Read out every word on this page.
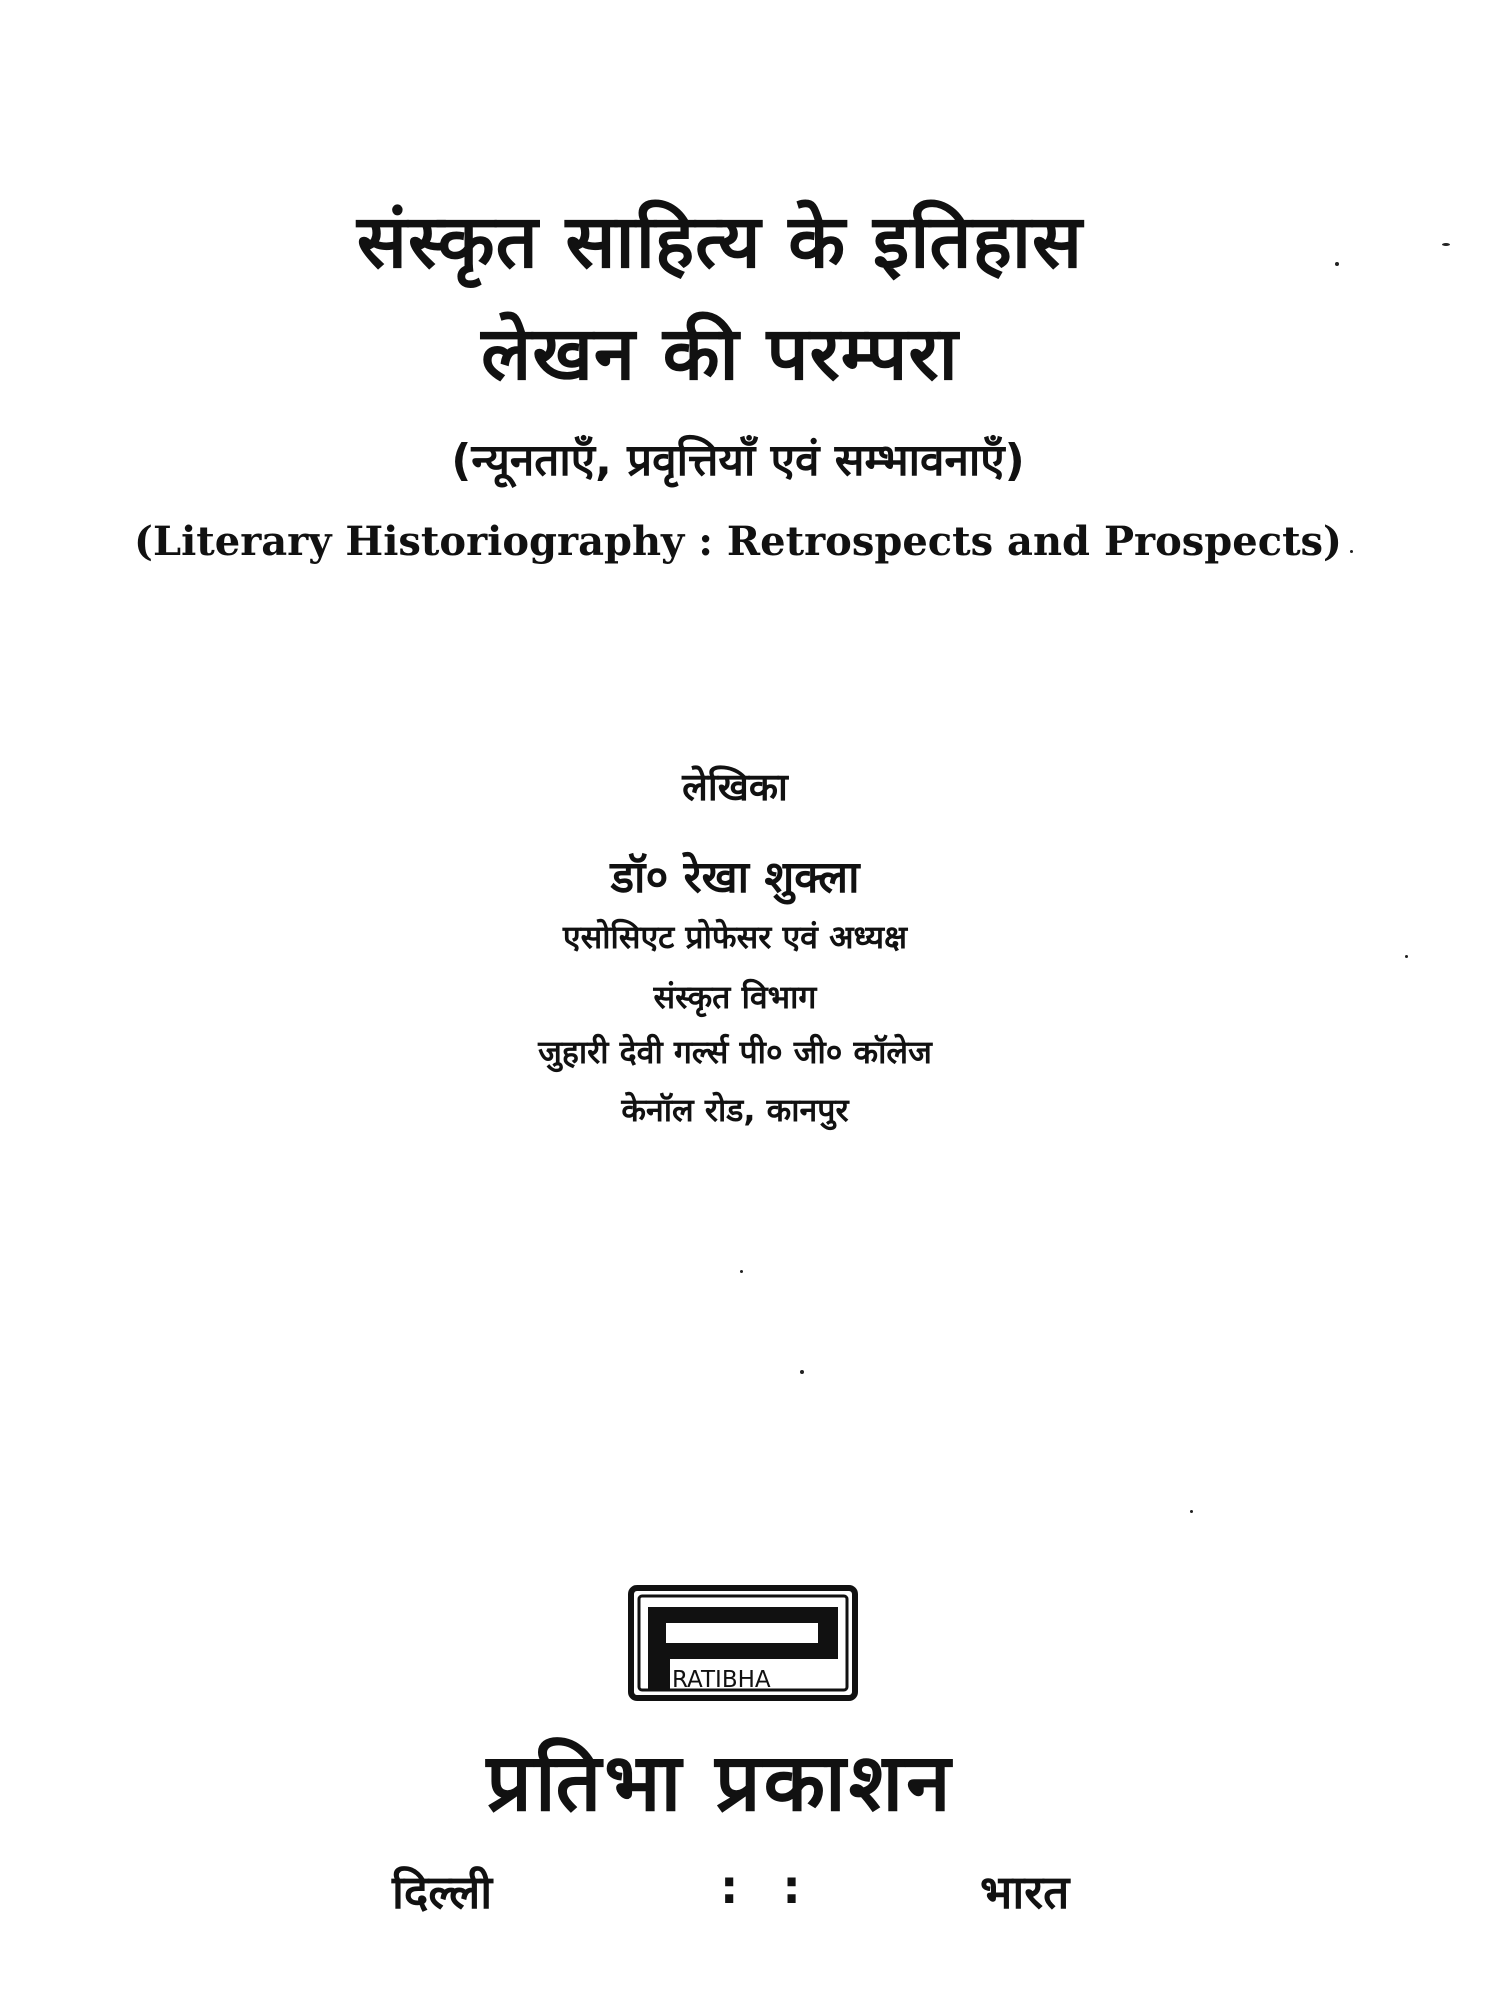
संस्कृत साहित्य के इतिहास
लेखन की परम्परा
(न्यूनताएँ, प्रवृत्तियाँ एवं सम्भावनाएँ)
(Literary Historiography : Retrospects and Prospects)
लेखिका
डॉ० रेखा शुक्ला
एसोसिएट प्रोफेसर एवं अध्यक्ष
संस्कृत विभाग
जुहारी देवी गर्ल्स पी० जी० कॉलेज
केनॉल रोड, कानपुर
RATIBHA
प्रतिभा प्रकाशन
दिल्ली	: :	भारत
